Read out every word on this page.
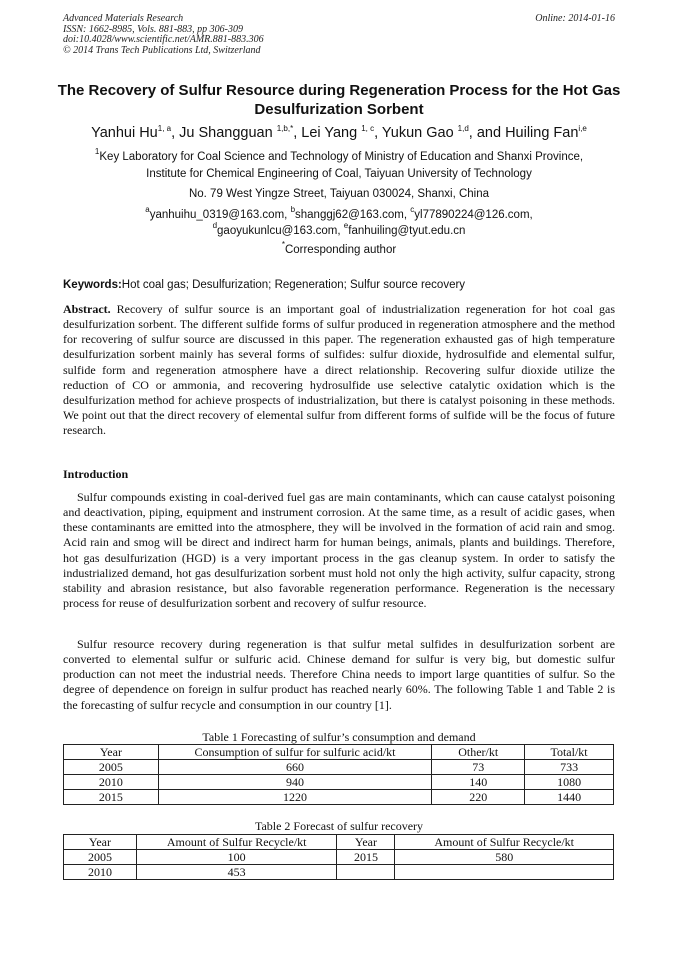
Advanced Materials Research
ISSN: 1662-8985, Vols. 881-883, pp 306-309
doi:10.4028/www.scientific.net/AMR.881-883.306
© 2014 Trans Tech Publications Ltd, Switzerland
Online: 2014-01-16
The Recovery of Sulfur Resource during Regeneration Process for the Hot Gas Desulfurization Sorbent
Yanhui Hu$^{1, a}$, Ju Shangguan $^{1,b,*}$, Lei Yang $^{1, c}$, Yukun Gao $^{1,d}$, and Huiling Fan$^{i,e}$
$^1$Key Laboratory for Coal Science and Technology of Ministry of Education and Shanxi Province,
Institute for Chemical Engineering of Coal, Taiyuan University of Technology
No. 79 West Yingze Street, Taiyuan 030024, Shanxi, China
$^a$yanhuihu_0319@163.com, $^b$shanggj62@163.com, $^c$yl77890224@126.com,
$^d$gaoyukunlcu@163.com, $^e$fanhuiling@tyut.edu.cn
*Corresponding author
Keywords:Hot coal gas; Desulfurization; Regeneration; Sulfur source recovery
Abstract. Recovery of sulfur source is an important goal of industrialization regeneration for hot coal gas desulfurization sorbent. The different sulfide forms of sulfur produced in regeneration atmosphere and the method for recovering of sulfur source are discussed in this paper. The regeneration exhausted gas of high temperature desulfurization sorbent mainly has several forms of sulfides: sulfur dioxide, hydrosulfide and elemental sulfur, sulfide form and regeneration atmosphere have a direct relationship. Recovering sulfur dioxide utilize the reduction of CO or ammonia, and recovering hydrosulfide use selective catalytic oxidation which is the desulfurization method for achieve prospects of industrialization, but there is catalyst poisoning in these methods. We point out that the direct recovery of elemental sulfur from different forms of sulfide will be the focus of future research.
Introduction
Sulfur compounds existing in coal-derived fuel gas are main contaminants, which can cause catalyst poisoning and deactivation, piping, equipment and instrument corrosion. At the same time, as a result of acidic gases, when these contaminants are emitted into the atmosphere, they will be involved in the formation of acid rain and smog. Acid rain and smog will be direct and indirect harm for human beings, animals, plants and buildings. Therefore, hot gas desulfurization (HGD) is a very important process in the gas cleanup system. In order to satisfy the industrialized demand, hot gas desulfurization sorbent must hold not only the high activity, sulfur capacity, strong stability and abrasion resistance, but also favorable regeneration performance. Regeneration is the necessary process for reuse of desulfurization sorbent and recovery of sulfur resource.
Sulfur resource recovery during regeneration is that sulfur metal sulfides in desulfurization sorbent are converted to elemental sulfur or sulfuric acid. Chinese demand for sulfur is very big, but domestic sulfur production can not meet the industrial needs. Therefore China needs to import large quantities of sulfur. So the degree of dependence on foreign in sulfur product has reached nearly 60%. The following Table 1 and Table 2 is the forecasting of sulfur recycle and consumption in our country [1].
Table 1 Forecasting of sulfur’s consumption and demand
Year	Consumption of sulfur for sulfuric acid/kt	Other/kt	Total/kt
2005	660	73	733
2010	940	140	1080
2015	1220	220	1440
Table 2 Forecast of sulfur recovery
Year	Amount of Sulfur Recycle/kt	Year	Amount of Sulfur Recycle/kt
2005	100	2015	580
2010	453		
